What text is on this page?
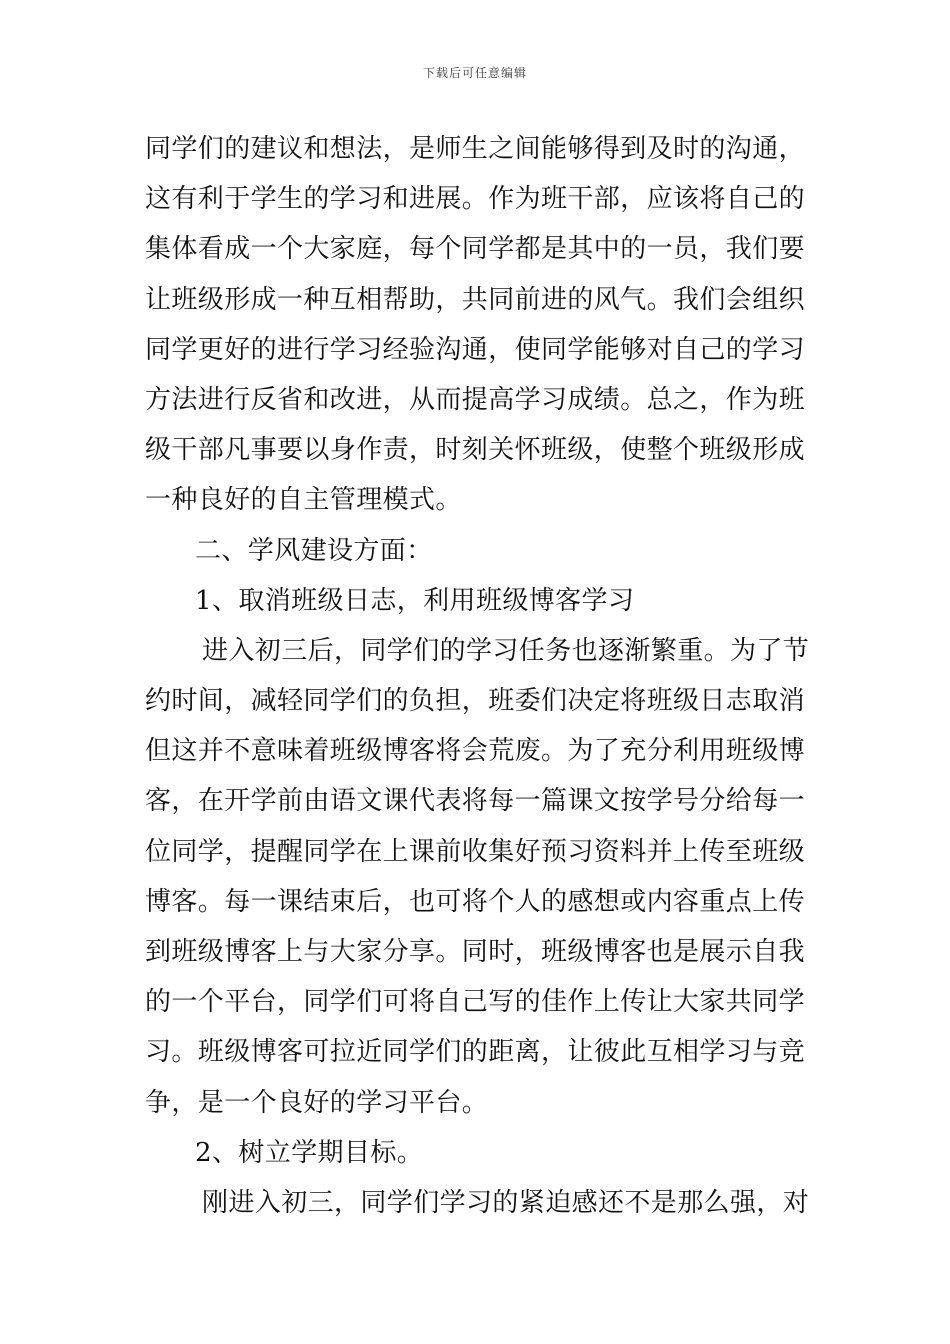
下载后可任意编辑
同学们的建议和想法，是师生之间能够得到及时的沟通，
这有利于学生的学习和进展。作为班干部，应该将自己的
集体看成一个大家庭，每个同学都是其中的一员，我们要
让班级形成一种互相帮助，共同前进的风气。我们会组织
同学更好的进行学习经验沟通，使同学能够对自己的学习
方法进行反省和改进，从而提高学习成绩。总之，作为班
级干部凡事要以身作责，时刻关怀班级，使整个班级形成
一种良好的自主管理模式。
二、学风建设方面：
1、取消班级日志，利用班级博客学习
进入初三后，同学们的学习任务也逐渐繁重。为了节
约时间，减轻同学们的负担，班委们决定将班级日志取消
但这并不意味着班级博客将会荒废。为了充分利用班级博
客，在开学前由语文课代表将每一篇课文按学号分给每一
位同学，提醒同学在上课前收集好预习资料并上传至班级
博客。每一课结束后，也可将个人的感想或内容重点上传
到班级博客上与大家分享。同时，班级博客也是展示自我
的一个平台，同学们可将自己写的佳作上传让大家共同学
习。班级博客可拉近同学们的距离，让彼此互相学习与竞
争，是一个良好的学习平台。
2、树立学期目标。
刚进入初三，同学们学习的紧迫感还不是那么强，对
